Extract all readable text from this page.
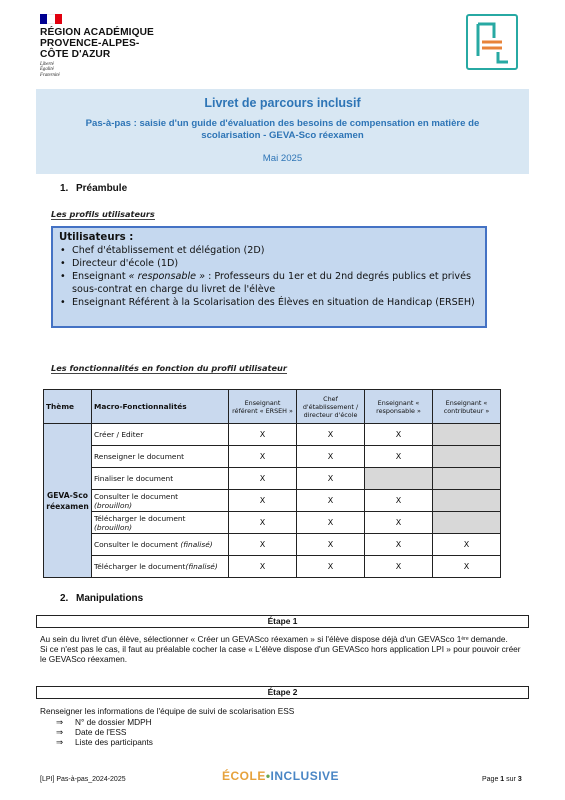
RÉGION ACADÉMIQUE
PROVENCE-ALPES-
CÔTE D'AZUR
Liberté
Égalité
Fraternité
Livret de parcours inclusif
Pas-à-pas : saisie d'un guide d'évaluation des besoins de compensation en matière de scolarisation - GEVA-Sco réexamen
Mai 2025
1. Préambule
Les profils utilisateurs
Utilisateurs :
• Chef d'établissement et délégation (2D)
• Directeur d'école (1D)
• Enseignant « responsable » : Professeurs du 1er et du 2nd degrés publics et privés sous-contrat en charge du livret de l'élève
• Enseignant Référent à la Scolarisation des Élèves en situation de Handicap (ERSEH)
Les fonctionnalités en fonction du profil utilisateur
Thème	Macro-Fonctionnalités	Enseignant référent « ERSEH »	Chef d'établissement / directeur d'école	Enseignant « responsable »	Enseignant « contributeur »
GEVA-Sco réexamen	Créer / Editer	X	X	X	
	Renseigner le document	X	X	X	
	Finaliser le document	X	X		
	Consulter le document
(brouillon)	X	X	X	
	Télécharger le document
(brouillon)	X	X	X	
	Consulter le document (finalisé)	X	X	X	X
	Télécharger le document(finalisé)	X	X	X	X
2. Manipulations
Étape 1
Au sein du livret d'un élève, sélectionner « Créer un GEVASco réexamen » si l'élève dispose déjà d'un GEVASco 1ère demande.
Si ce n'est pas le cas, il faut au préalable cocher la case « L'élève dispose d'un GEVASco hors application LPI » pour pouvoir créer le GEVASco réexamen.
Étape 2
Renseigner les informations de l'équipe de suivi de scolarisation ESS
⇒ N° de dossier MDPH
⇒ Date de l'ESS
⇒ Liste des participants
[LPI] Pas-à-pas_2024-2025	ÉCOLE•INCLUSIVE	Page 1 sur 3
